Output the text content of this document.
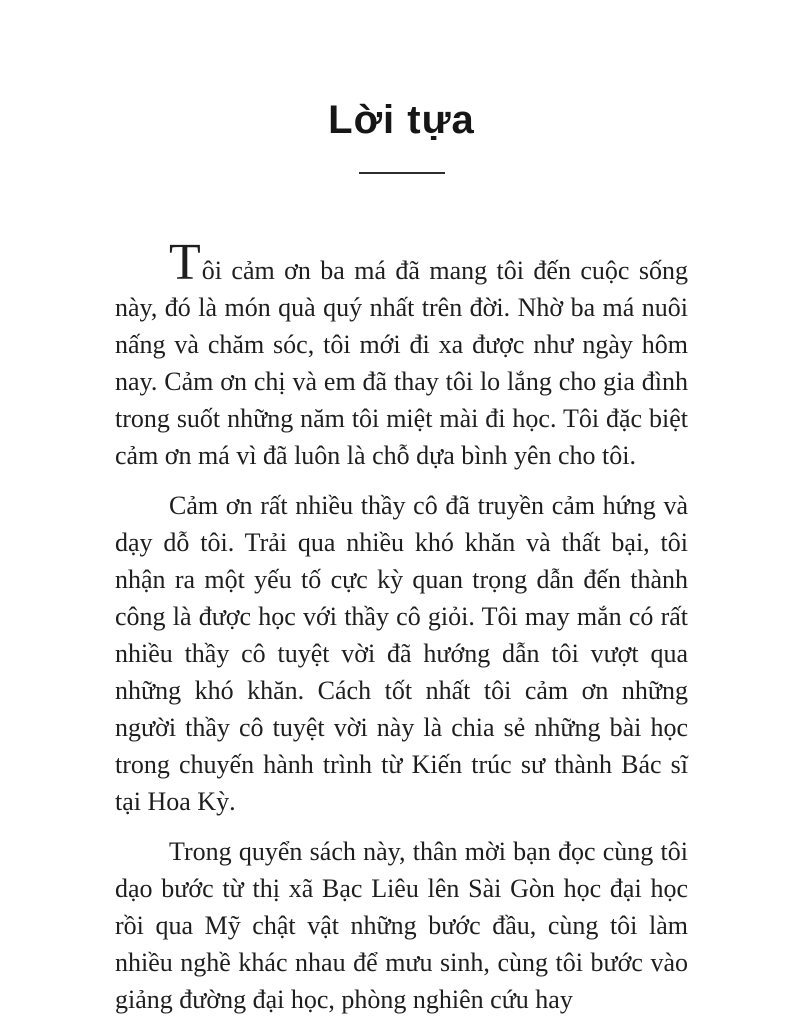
Lời tựa

Tôi cảm ơn ba má đã mang tôi đến cuộc sống này, đó là món quà quý nhất trên đời. Nhờ ba má nuôi nấng và chăm sóc, tôi mới đi xa được như ngày hôm nay. Cảm ơn chị và em đã thay tôi lo lắng cho gia đình trong suốt những năm tôi miệt mài đi học. Tôi đặc biệt cảm ơn má vì đã luôn là chỗ dựa bình yên cho tôi.

Cảm ơn rất nhiều thầy cô đã truyền cảm hứng và dạy dỗ tôi. Trải qua nhiều khó khăn và thất bại, tôi nhận ra một yếu tố cực kỳ quan trọng dẫn đến thành công là được học với thầy cô giỏi. Tôi may mắn có rất nhiều thầy cô tuyệt vời đã hướng dẫn tôi vượt qua những khó khăn. Cách tốt nhất tôi cảm ơn những người thầy cô tuyệt vời này là chia sẻ những bài học trong chuyến hành trình từ Kiến trúc sư thành Bác sĩ tại Hoa Kỳ.

Trong quyển sách này, thân mời bạn đọc cùng tôi dạo bước từ thị xã Bạc Liêu lên Sài Gòn học đại học rồi qua Mỹ chật vật những bước đầu, cùng tôi làm nhiều nghề khác nhau để mưu sinh, cùng tôi bước vào giảng đường đại học, phòng nghiên cứu hay
